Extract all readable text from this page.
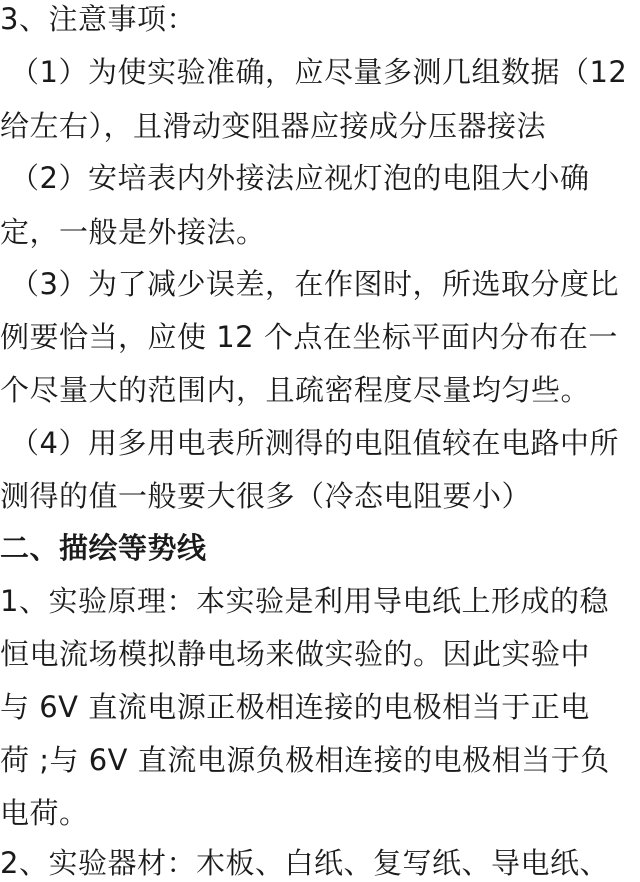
3、注意事项：
（1）为使实验准确，应尽量多测几组数据（12
给左右），且滑动变阻器应接成分压器接法
（2）安培表内外接法应视灯泡的电阻大小确
定，一般是外接法。
（3）为了减少误差，在作图时，所选取分度比
例要恰当，应使 12 个点在坐标平面内分布在一
个尽量大的范围内，且疏密程度尽量均匀些。
（4）用多用电表所测得的电阻值较在电路中所
测得的值一般要大很多（冷态电阻要小）
二、描绘等势线
1、实验原理：本实验是利用导电纸上形成的稳
恒电流场模拟静电场来做实验的。因此实验中
与 6V 直流电源正极相连接的电极相当于正电
荷 ;与 6V 直流电源负极相连接的电极相当于负
电荷。
2、实验器材：木板、白纸、复写纸、导电纸、
